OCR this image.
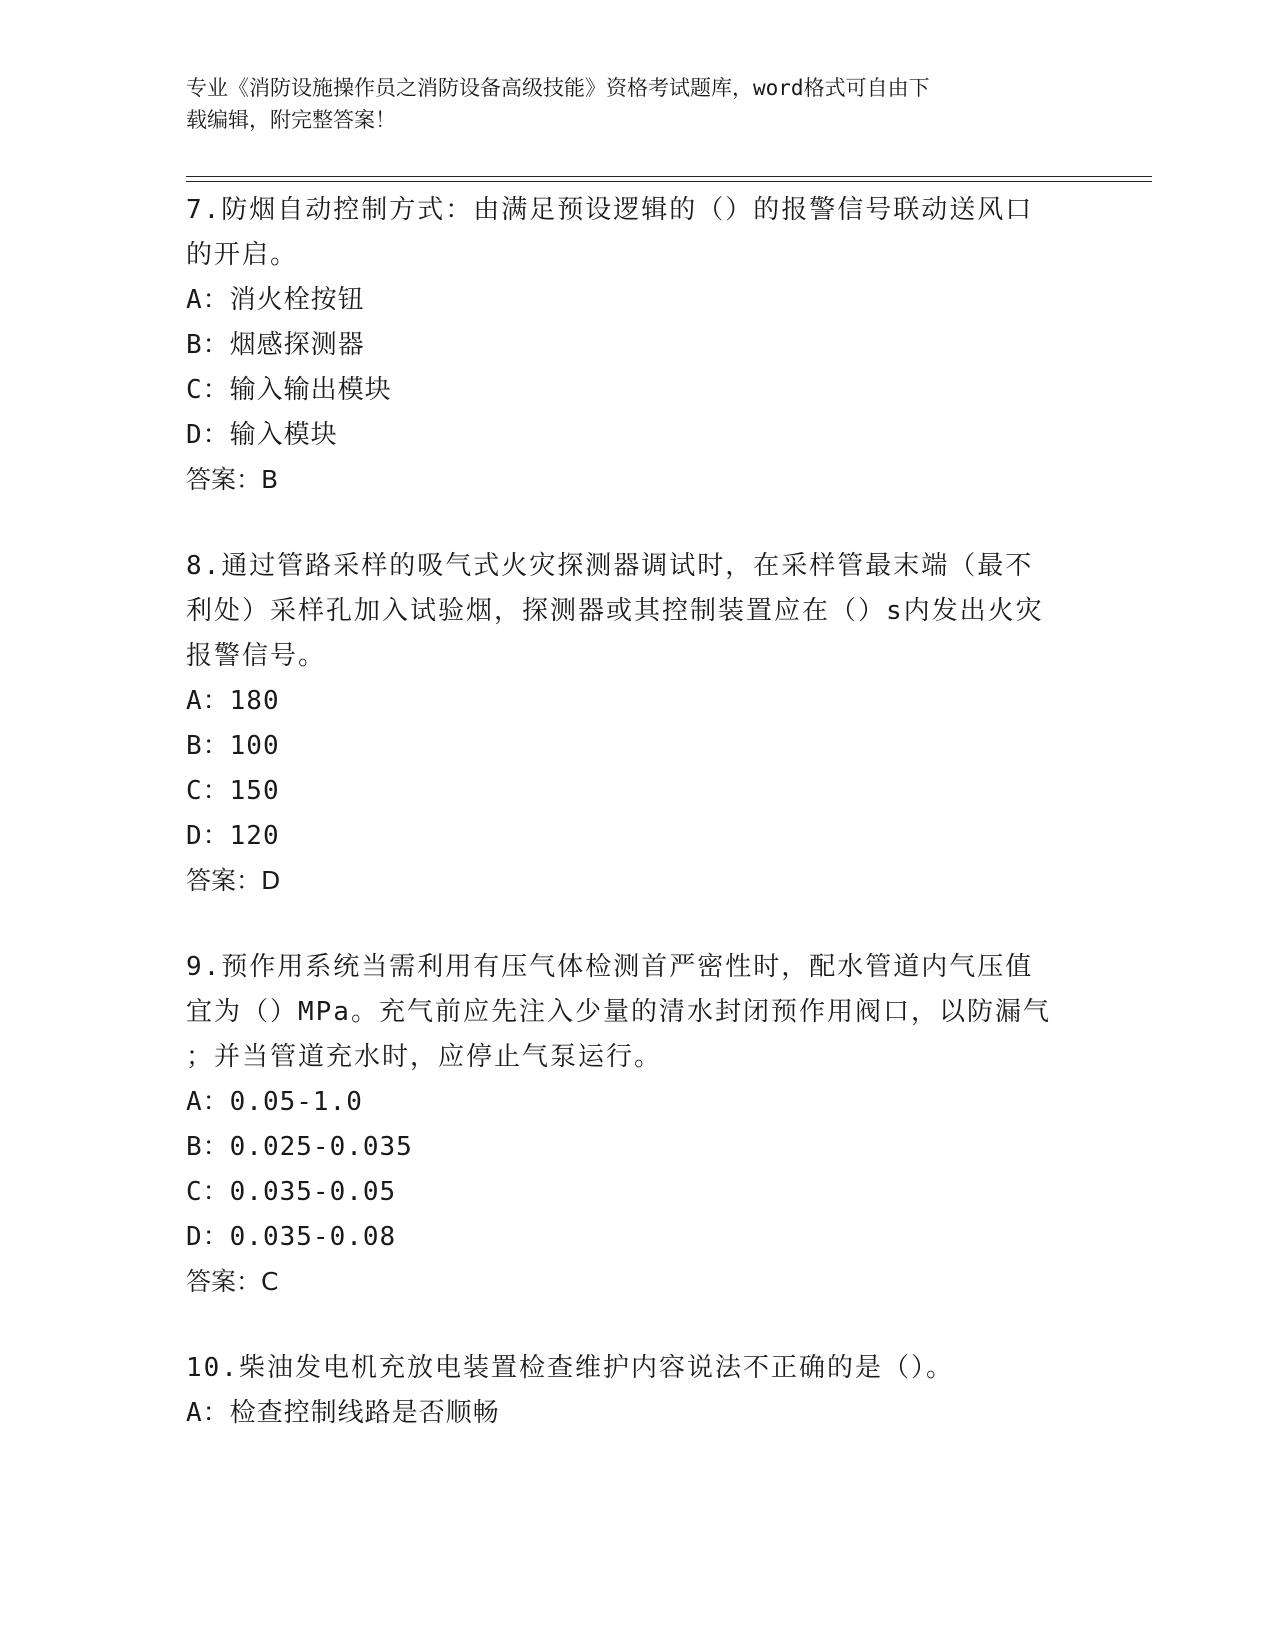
专业《消防设施操作员之消防设备高级技能》资格考试题库，word格式可自由下
载编辑，附完整答案！
7.防烟自动控制方式：由满足预设逻辑的（）的报警信号联动送风口
的开启。
A：消火栓按钮
B：烟感探测器
C：输入输出模块
D：输入模块
答案：B
8.通过管路采样的吸气式火灾探测器调试时，在采样管最末端（最不
利处）采样孔加入试验烟，探测器或其控制装置应在（）s内发出火灾
报警信号。
A：180
B：100
C：150
D：120
答案：D
9.预作用系统当需利用有压气体检测首严密性时，配水管道内气压值
宜为（）MPa。充气前应先注入少量的清水封闭预作用阀口，以防漏气
；并当管道充水时，应停止气泵运行。
A：0.05-1.0
B：0.025-0.035
C：0.035-0.05
D：0.035-0.08
答案：C
10.柴油发电机充放电装置检查维护内容说法不正确的是（）。
A：检查控制线路是否顺畅
